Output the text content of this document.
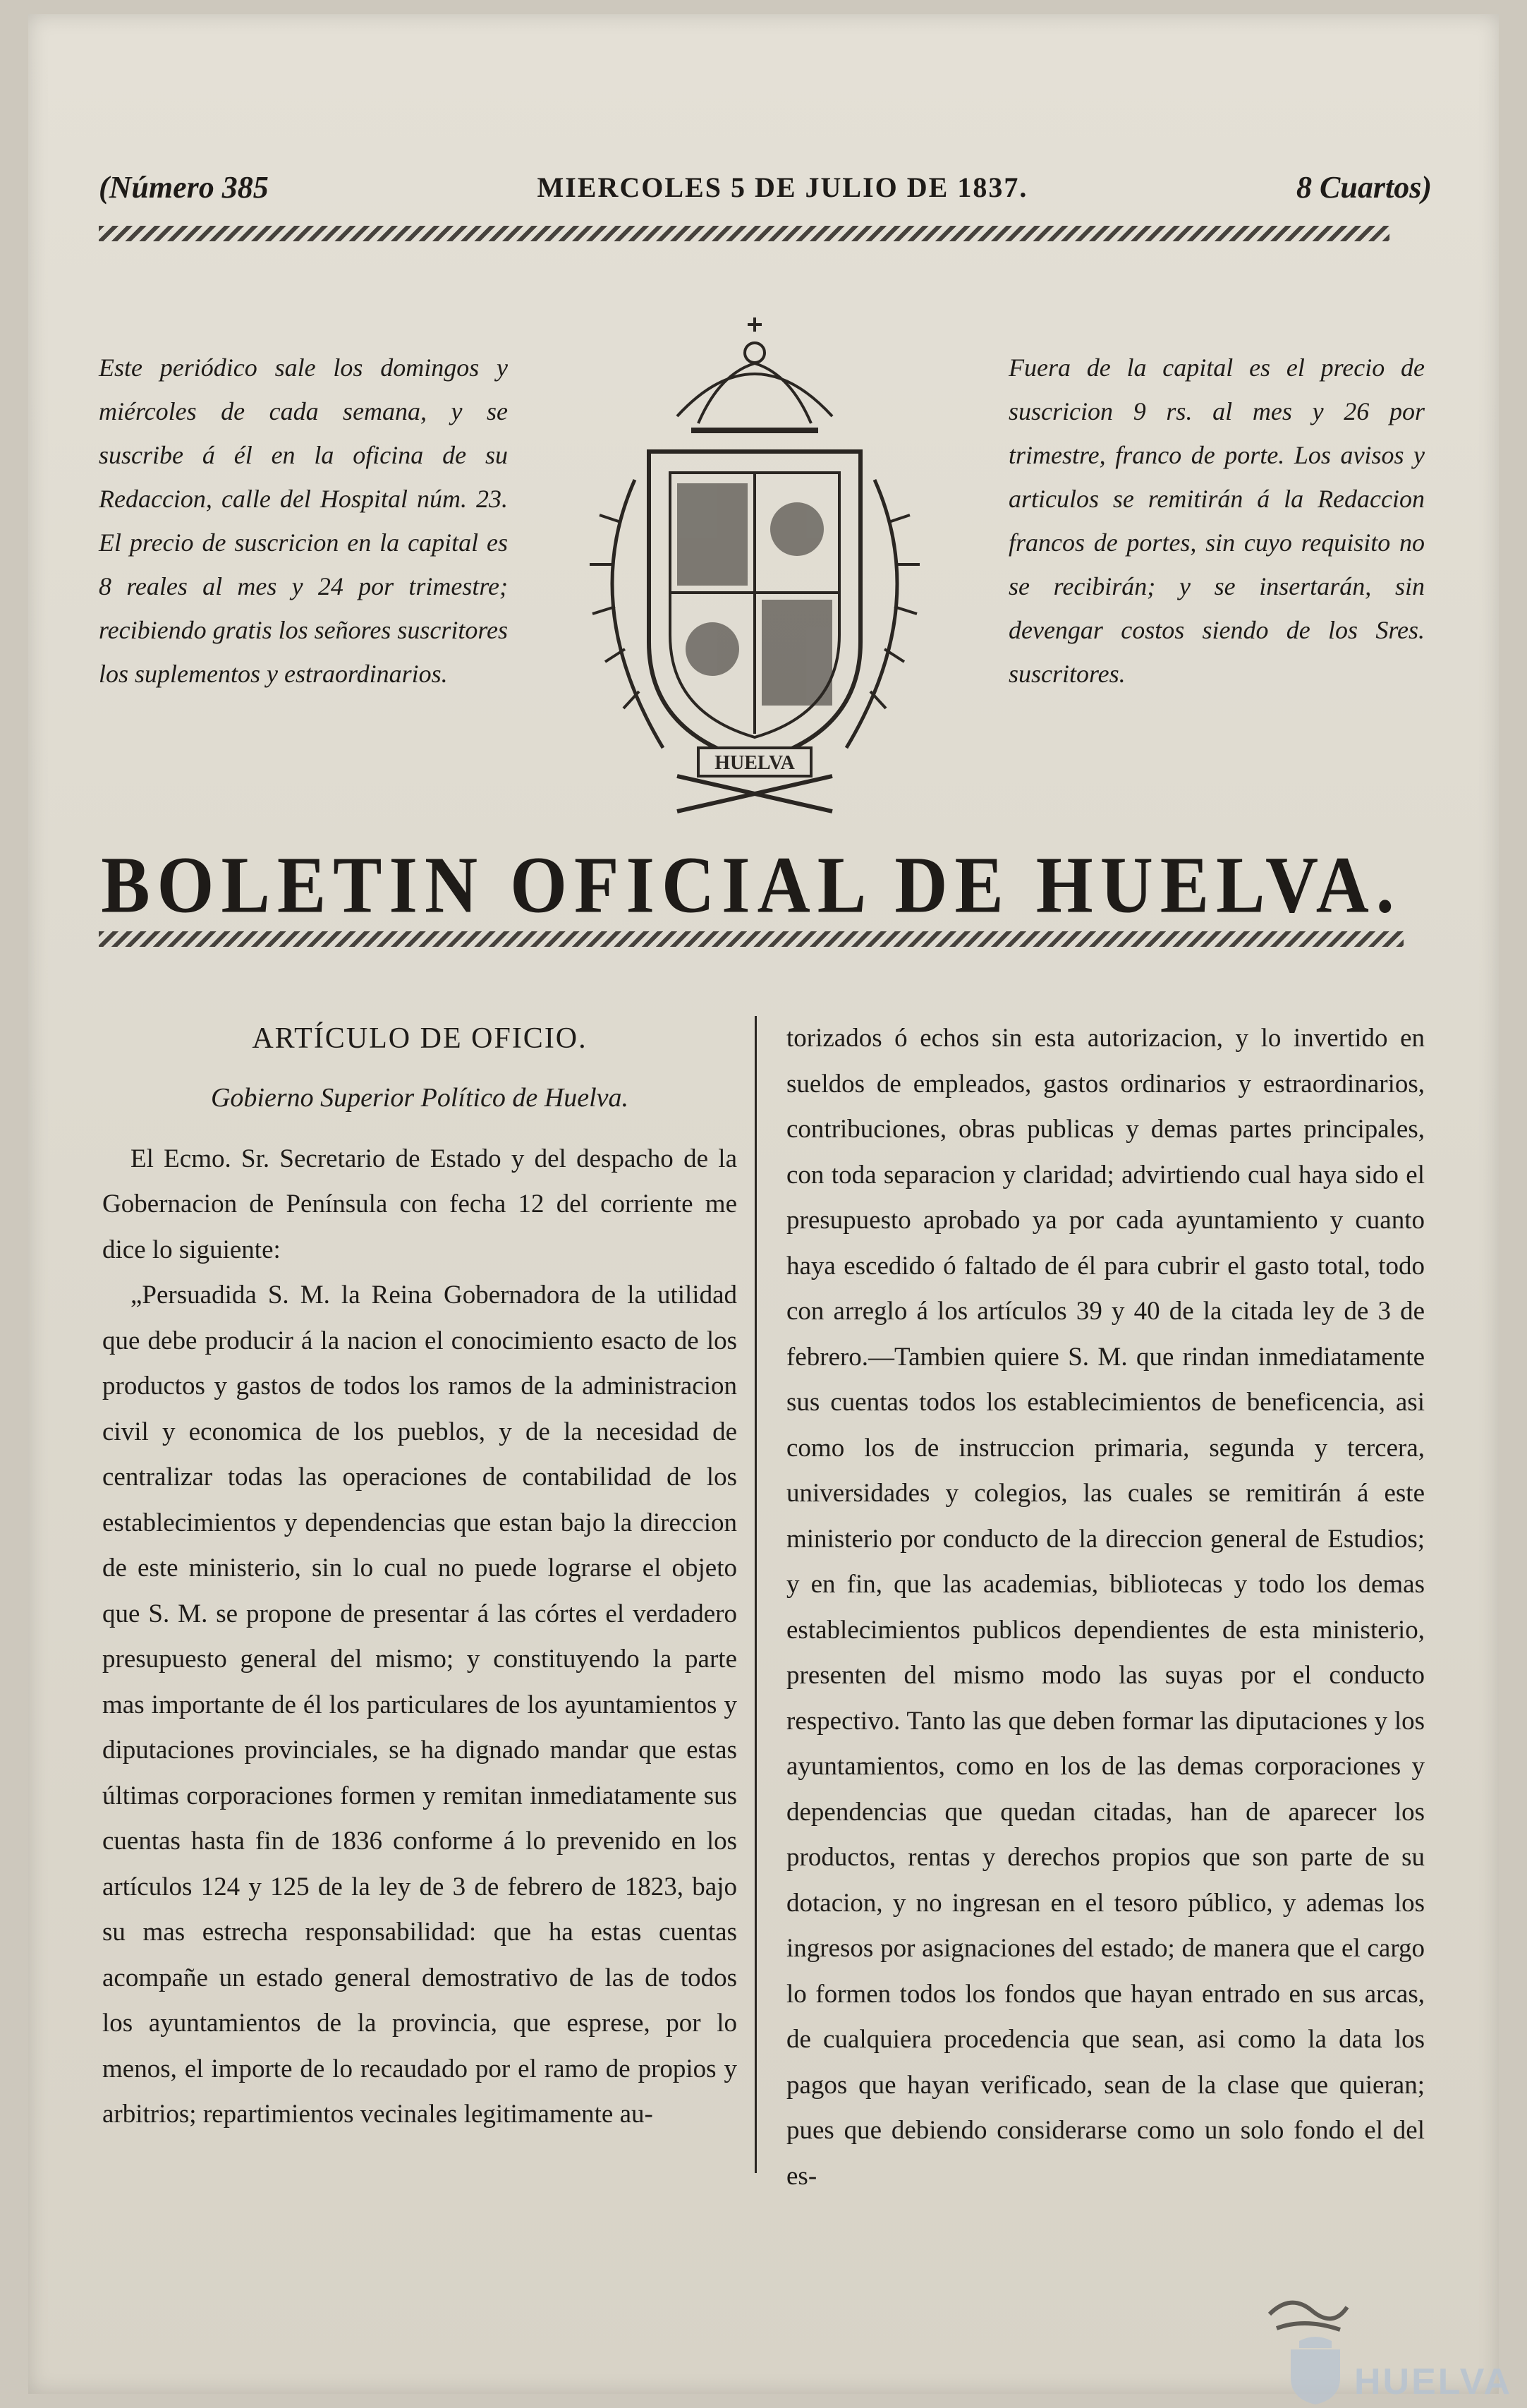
(Número 385	MIERCOLES 5 DE JULIO DE 1837.	8 Cuartos)
Este periódico sale los domingos y miércoles de cada semana, y se suscribe á él en la oficina de su Redaccion, calle del Hospital núm. 23. El precio de suscricion en la capital es 8 reales al mes y 24 por trimestre; recibiendo gratis los señores suscritores los suplementos y estraordinarios.
HUELVA
Fuera de la capital es el precio de suscricion 9 rs. al mes y 26 por trimestre, franco de porte. Los avisos y articulos se remitirán á la Redaccion francos de portes, sin cuyo requisito no se recibirán; y se insertarán, sin devengar costos siendo de los Sres. suscritores.
BOLETIN OFICIAL DE HUELVA.
ARTÍCULO DE OFICIO.
Gobierno Superior Político de Huelva.

El Ecmo. Sr. Secretario de Estado y del despacho de la Gobernacion de Península con fecha 12 del corriente me dice lo siguiente:

„Persuadida S. M. la Reina Gobernadora de la utilidad que debe producir á la nacion el conocimiento esacto de los productos y gastos de todos los ramos de la administracion civil y economica de los pueblos, y de la necesidad de centralizar todas las operaciones de contabilidad de los establecimientos y dependencias que estan bajo la direccion de este ministerio, sin lo cual no puede lograrse el objeto que S. M. se propone de presentar á las córtes el verdadero presupuesto general del mismo; y constituyendo la parte mas importante de él los particulares de los ayuntamientos y diputaciones provinciales, se ha dignado mandar que estas últimas corporaciones formen y remitan inmediatamente sus cuentas hasta fin de 1836 conforme á lo prevenido en los artículos 124 y 125 de la ley de 3 de febrero de 1823, bajo su mas estrecha responsabilidad: que ha estas cuentas acompañe un estado general demostrativo de las de todos los ayuntamientos de la provincia, que esprese, por lo menos, el importe de lo recaudado por el ramo de propios y arbitrios; repartimientos vecinales legitimamente au-

torizados ó echos sin esta autorizacion, y lo invertido en sueldos de empleados, gastos ordinarios y estraordinarios, contribuciones, obras publicas y demas partes principales, con toda separacion y claridad; advirtiendo cual haya sido el presupuesto aprobado ya por cada ayuntamiento y cuanto haya escedido ó faltado de él para cubrir el gasto total, todo con arreglo á los artículos 39 y 40 de la citada ley de 3 de febrero.—Tambien quiere S. M. que rindan inmediatamente sus cuentas todos los establecimientos de beneficencia, asi como los de instruccion primaria, segunda y tercera, universidades y colegios, las cuales se remitirán á este ministerio por conducto de la direccion general de Estudios; y en fin, que las academias, bibliotecas y todo los demas establecimientos publicos dependientes de esta ministerio, presenten del mismo modo las suyas por el conducto respectivo. Tanto las que deben formar las diputaciones y los ayuntamientos, como en los de las demas corporaciones y dependencias que quedan citadas, han de aparecer los productos, rentas y derechos propios que son parte de su dotacion, y no ingresan en el tesoro público, y ademas los ingresos por asignaciones del estado; de manera que el cargo lo formen todos los fondos que hayan entrado en sus arcas, de cualquiera procedencia que sean, asi como la data los pagos que hayan verificado, sean de la clase que quieran; pues que debiendo considerarse como un solo fondo el del es-

HUELVA
